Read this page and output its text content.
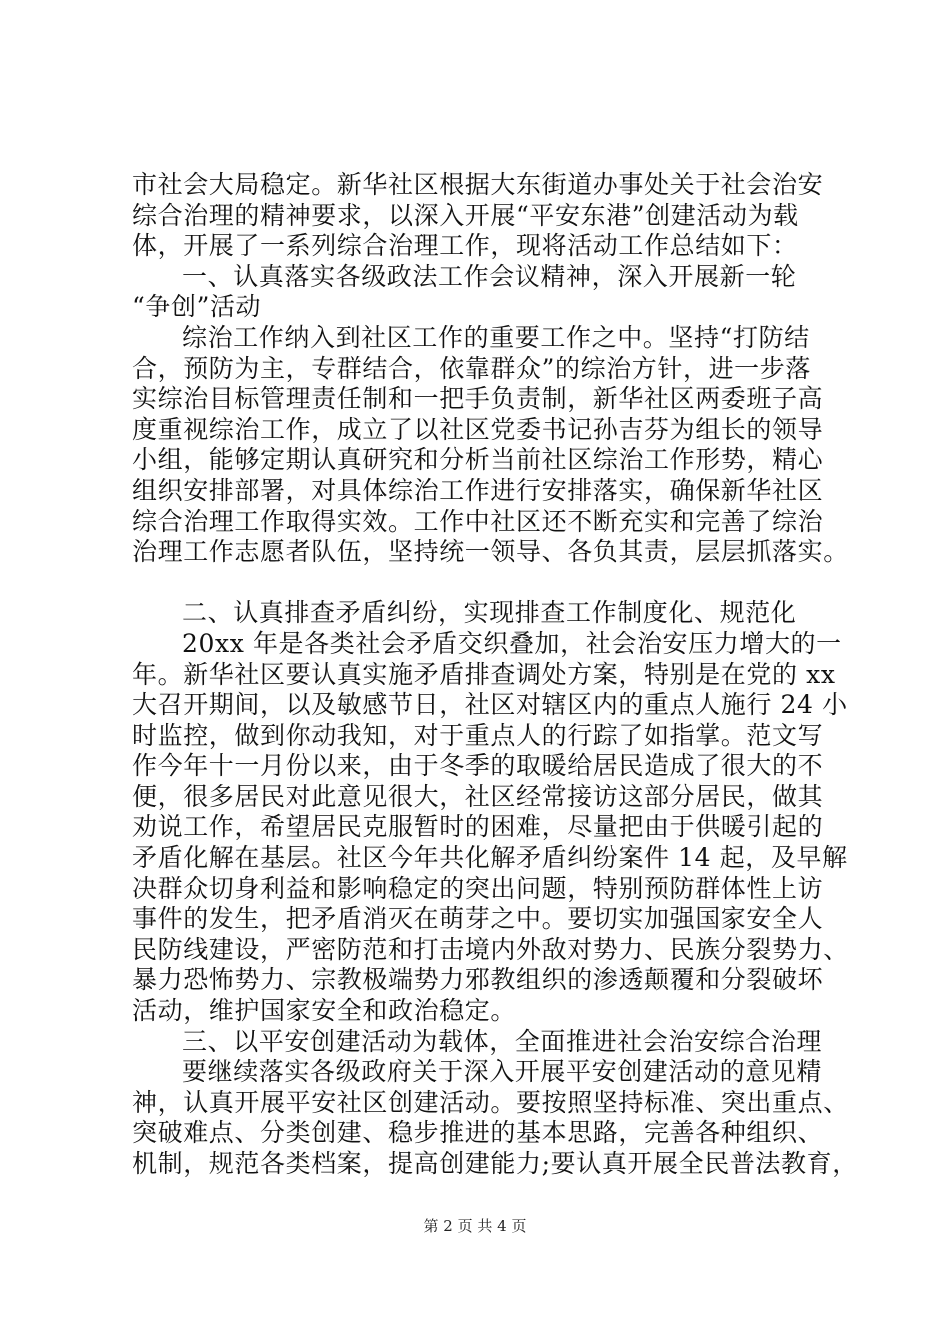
市社会大局稳定。新华社区根据大东街道办事处关于社会治安
综合治理的精神要求，以深入开展“平安东港”创建活动为载
体，开展了一系列综合治理工作，现将活动工作总结如下：
一、认真落实各级政法工作会议精神，深入开展新一轮
“争创”活动
综治工作纳入到社区工作的重要工作之中。坚持“打防结
合，预防为主，专群结合，依靠群众”的综治方针，进一步落
实综治目标管理责任制和一把手负责制，新华社区两委班子高
度重视综治工作，成立了以社区党委书记孙吉芬为组长的领导
小组，能够定期认真研究和分析当前社区综治工作形势，精心
组织安排部署，对具体综治工作进行安排落实，确保新华社区
综合治理工作取得实效。工作中社区还不断充实和完善了综治
治理工作志愿者队伍，坚持统一领导、各负其责，层层抓落实。
二、认真排查矛盾纠纷，实现排查工作制度化、规范化
20xx 年是各类社会矛盾交织叠加，社会治安压力增大的一
年。新华社区要认真实施矛盾排查调处方案，特别是在党的 xx
大召开期间，以及敏感节日，社区对辖区内的重点人施行 24 小
时监控，做到你动我知，对于重点人的行踪了如指掌。范文写
作今年十一月份以来，由于冬季的取暖给居民造成了很大的不
便，很多居民对此意见很大，社区经常接访这部分居民，做其
劝说工作，希望居民克服暂时的困难，尽量把由于供暖引起的
矛盾化解在基层。社区今年共化解矛盾纠纷案件 14 起，及早解
决群众切身利益和影响稳定的突出问题，特别预防群体性上访
事件的发生，把矛盾消灭在萌芽之中。要切实加强国家安全人
民防线建设，严密防范和打击境内外敌对势力、民族分裂势力、
暴力恐怖势力、宗教极端势力邪教组织的渗透颠覆和分裂破坏
活动，维护国家安全和政治稳定。
三、以平安创建活动为载体，全面推进社会治安综合治理
要继续落实各级政府关于深入开展平安创建活动的意见精
神，认真开展平安社区创建活动。要按照坚持标准、突出重点、
突破难点、分类创建、稳步推进的基本思路，完善各种组织、
机制，规范各类档案，提高创建能力;要认真开展全民普法教育，
第 2 页 共 4 页
